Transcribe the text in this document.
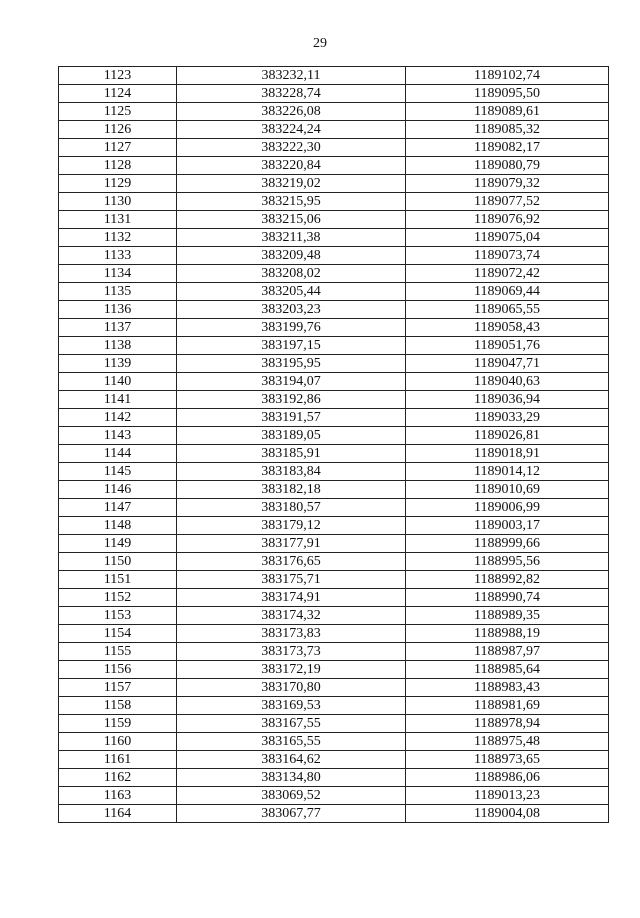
29
1123	383232,11	1189102,74
1124	383228,74	1189095,50
1125	383226,08	1189089,61
1126	383224,24	1189085,32
1127	383222,30	1189082,17
1128	383220,84	1189080,79
1129	383219,02	1189079,32
1130	383215,95	1189077,52
1131	383215,06	1189076,92
1132	383211,38	1189075,04
1133	383209,48	1189073,74
1134	383208,02	1189072,42
1135	383205,44	1189069,44
1136	383203,23	1189065,55
1137	383199,76	1189058,43
1138	383197,15	1189051,76
1139	383195,95	1189047,71
1140	383194,07	1189040,63
1141	383192,86	1189036,94
1142	383191,57	1189033,29
1143	383189,05	1189026,81
1144	383185,91	1189018,91
1145	383183,84	1189014,12
1146	383182,18	1189010,69
1147	383180,57	1189006,99
1148	383179,12	1189003,17
1149	383177,91	1188999,66
1150	383176,65	1188995,56
1151	383175,71	1188992,82
1152	383174,91	1188990,74
1153	383174,32	1188989,35
1154	383173,83	1188988,19
1155	383173,73	1188987,97
1156	383172,19	1188985,64
1157	383170,80	1188983,43
1158	383169,53	1188981,69
1159	383167,55	1188978,94
1160	383165,55	1188975,48
1161	383164,62	1188973,65
1162	383134,80	1188986,06
1163	383069,52	1189013,23
1164	383067,77	1189004,08
